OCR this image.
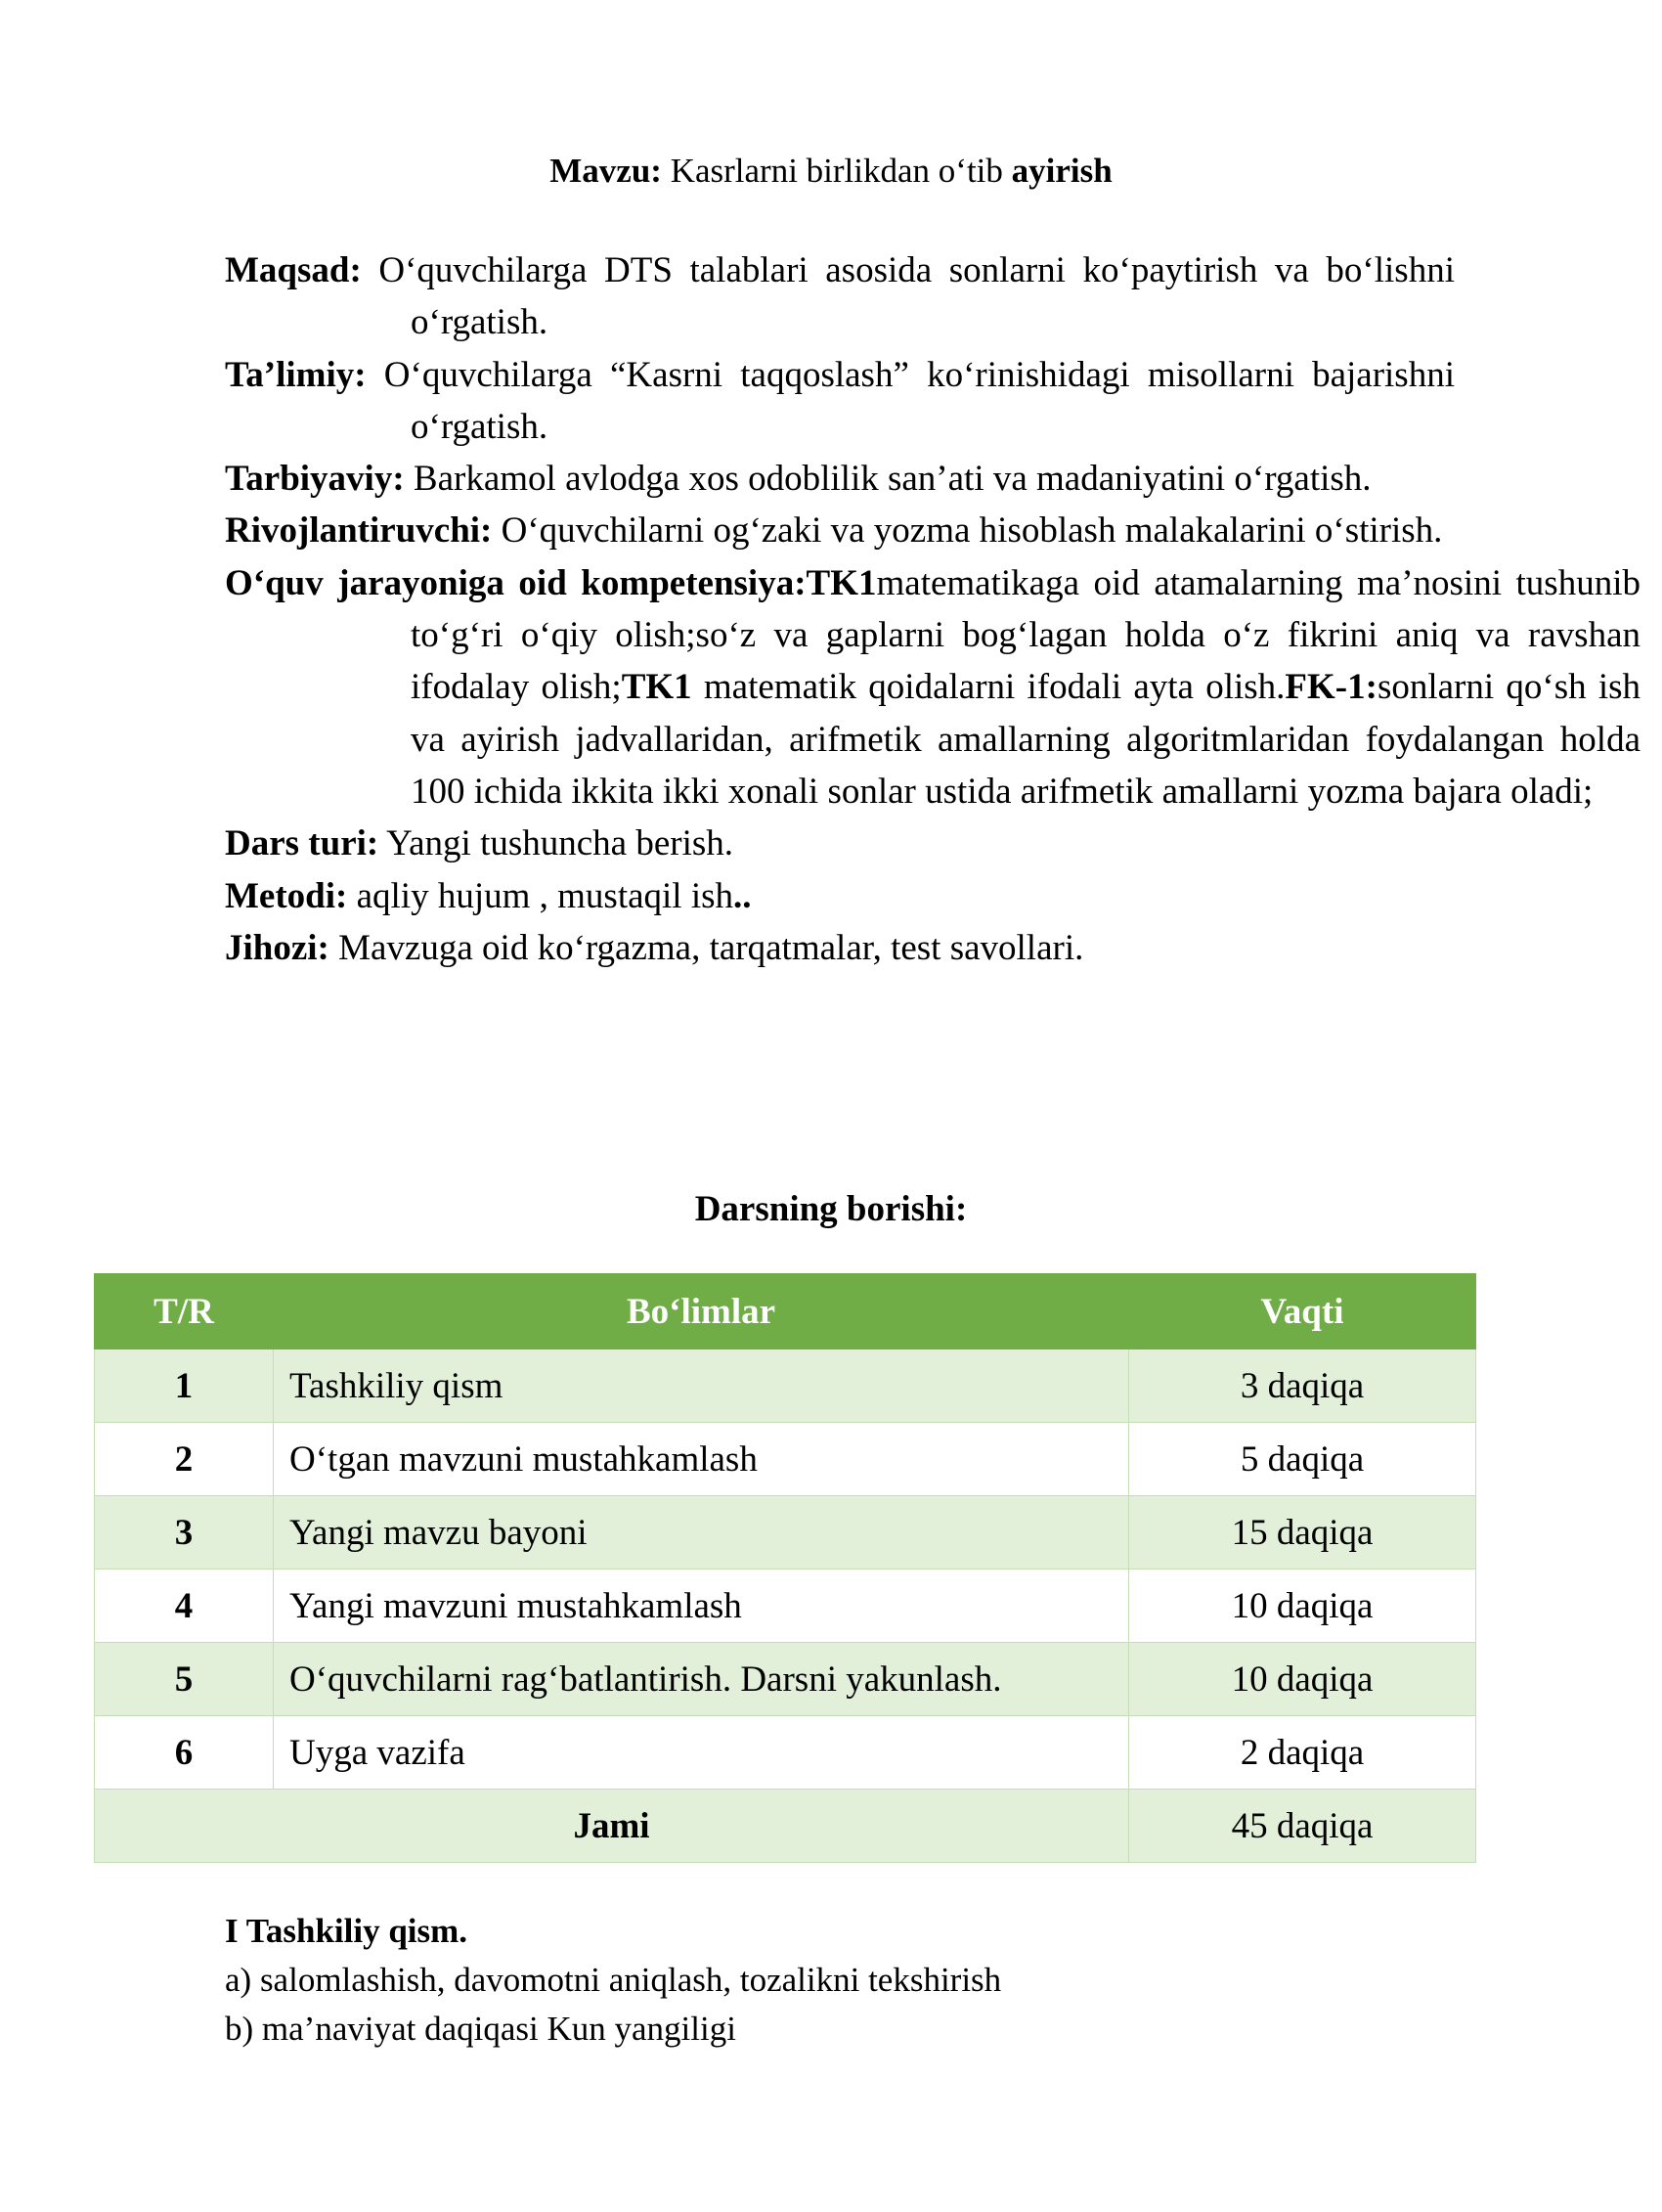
Mavzu: Kasrlarni birlikdan o‘tib ayirish
Maqsad: O‘quvchilarga DTS talablari asosida sonlarni ko‘paytirish va bo‘lishni o‘rgatish.
Ta’limiy: O‘quvchilarga “Kasrni taqqoslash” ko‘rinishidagi misollarni bajarishni o‘rgatish.
Tarbiyaviy: Barkamol avlodga xos odoblilik san’ati va madaniyatini o‘rgatish.
Rivojlantiruvchi: O‘quvchilarni og‘zaki va yozma hisoblash malakalarini o‘stirish.
O‘quv jarayoniga oid kompetensiya:TK1matematikaga oid atamalarning ma’nosini tushunib to‘g‘ri o‘qiy olish;so‘z va gaplarni bog‘lagan holda o‘z fikrini aniq va ravshan ifodalay olish;TK1 matematik qoidalarni ifodali ayta olish.FK-1:sonlarni qo‘sh ish va ayirish jadvallaridan, arifmetik amallarning algoritmlaridan foydalangan holda 100 ichida ikkita ikki xonali sonlar ustida arifmetik amallarni yozma bajara oladi;
Dars turi: Yangi tushuncha berish.
Metodi: aqliy hujum , mustaqil ish..
Jihozi: Mavzuga oid ko‘rgazma, tarqatmalar, test savollari.
Darsning borishi:
T/R	Bo‘limlar	Vaqti
1	Tashkiliy qism	3 daqiqa
2	O‘tgan mavzuni mustahkamlash	5 daqiqa
3	Yangi mavzu bayoni	15 daqiqa
4	Yangi mavzuni mustahkamlash	10 daqiqa
5	O‘quvchilarni rag‘batlantirish. Darsni yakunlash.	10 daqiqa
6	Uyga vazifa	2 daqiqa
Jami		45 daqiqa
I Tashkiliy qism.
a) salomlashish, davomotni aniqlash, tozalikni tekshirish
b) ma’naviyat daqiqasi Kun yangiligi
